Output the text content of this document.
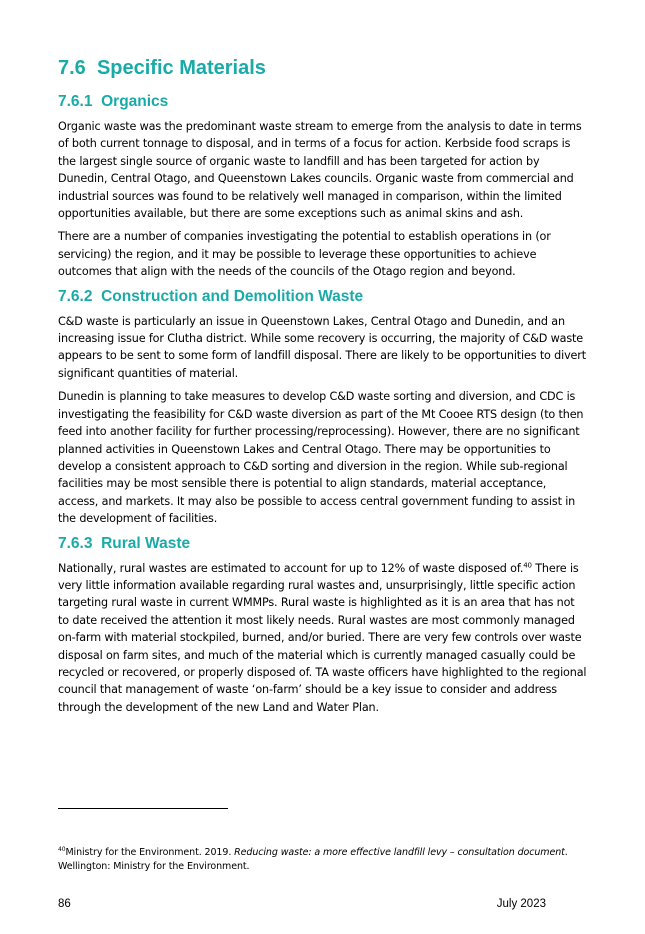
7.6 Specific Materials
7.6.1 Organics

Organic waste was the predominant waste stream to emerge from the analysis to date in terms of both current tonnage to disposal, and in terms of a focus for action. Kerbside food scraps is the largest single source of organic waste to landfill and has been targeted for action by Dunedin, Central Otago, and Queenstown Lakes councils. Organic waste from commercial and industrial sources was found to be relatively well managed in comparison, within the limited opportunities available, but there are some exceptions such as animal skins and ash.

There are a number of companies investigating the potential to establish operations in (or servicing) the region, and it may be possible to leverage these opportunities to achieve outcomes that align with the needs of the councils of the Otago region and beyond.

7.6.2 Construction and Demolition Waste

C&D waste is particularly an issue in Queenstown Lakes, Central Otago and Dunedin, and an increasing issue for Clutha district. While some recovery is occurring, the majority of C&D waste appears to be sent to some form of landfill disposal. There are likely to be opportunities to divert significant quantities of material.

Dunedin is planning to take measures to develop C&D waste sorting and diversion, and CDC is investigating the feasibility for C&D waste diversion as part of the Mt Cooee RTS design (to then feed into another facility for further processing/reprocessing). However, there are no significant planned activities in Queenstown Lakes and Central Otago. There may be opportunities to develop a consistent approach to C&D sorting and diversion in the region. While sub-regional facilities may be most sensible there is potential to align standards, material acceptance, access, and markets. It may also be possible to access central government funding to assist in the development of facilities.

7.6.3 Rural Waste

Nationally, rural wastes are estimated to account for up to 12% of waste disposed of.$^{40}$ There is very little information available regarding rural wastes and, unsurprisingly, little specific action targeting rural waste in current WMMPs. Rural waste is highlighted as it is an area that has not to date received the attention it most likely needs. Rural wastes are most commonly managed on-farm with material stockpiled, burned, and/or buried. There are very few controls over waste disposal on farm sites, and much of the material which is currently managed casually could be recycled or recovered, or properly disposed of. TA waste officers have highlighted to the regional council that management of waste ‘on-farm’ should be a key issue to consider and address through the development of the new Land and Water Plan.

$^{40}$Ministry for the Environment. 2019. Reducing waste: a more effective landfill levy – consultation document.
Wellington: Ministry for the Environment.
86	July 2023
